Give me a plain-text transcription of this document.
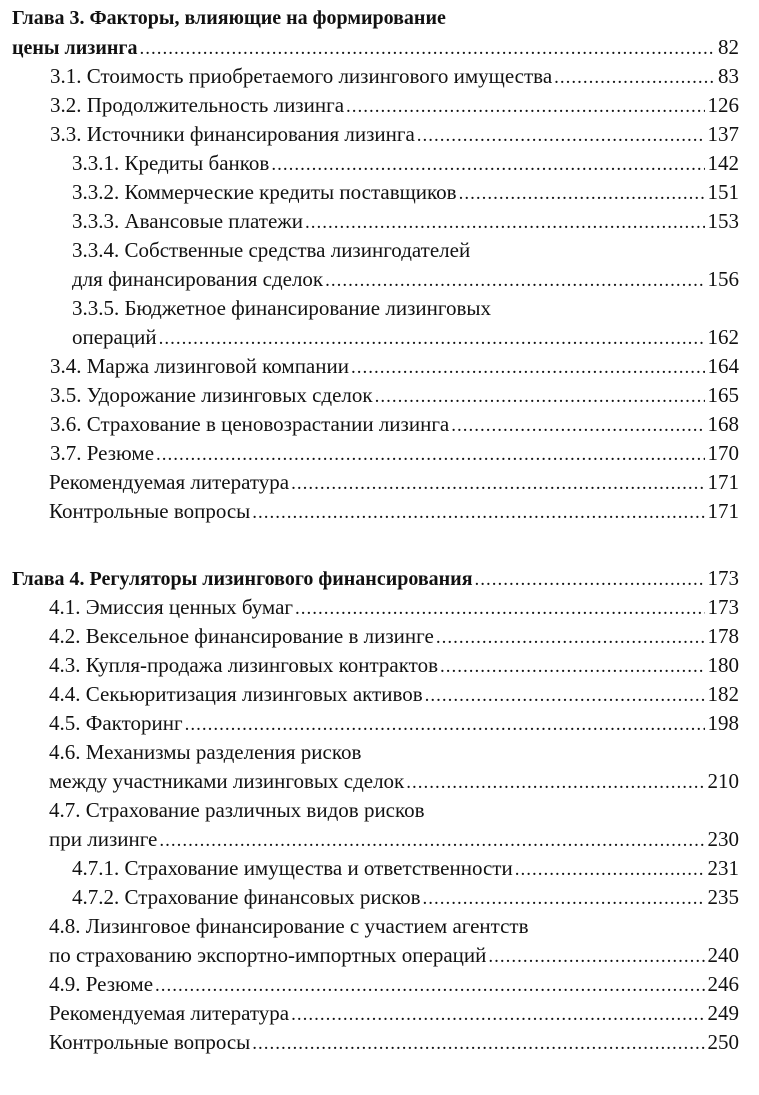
Глава 3. Факторы, влияющие на формирование
цены лизинга .....	82
3.1. Стоимость приобретаемого лизингового имущества .....	83
3.2. Продолжительность лизинга .....	126
3.3. Источники финансирования лизинга .....	137
3.3.1. Кредиты банков .....	142
3.3.2. Коммерческие кредиты поставщиков .....	151
3.3.3. Авансовые платежи .....	153
3.3.4. Собственные средства лизингодателей
для финансирования сделок .....	156
3.3.5. Бюджетное финансирование лизинговых
операций .....	162
3.4. Маржа лизинговой компании .....	164
3.5. Удорожание лизинговых сделок .....	165
3.6. Страхование в ценовозрастании лизинга .....	168
3.7. Резюме .....	170
Рекомендуемая литература .....	171
Контрольные вопросы .....	171
Глава 4. Регуляторы лизингового финансирования .....	173
4.1. Эмиссия ценных бумаг .....	173
4.2. Вексельное финансирование в лизинге .....	178
4.3. Купля-продажа лизинговых контрактов .....	180
4.4. Секьюритизация лизинговых активов .....	182
4.5. Факторинг .....	198
4.6. Механизмы разделения рисков
между участниками лизинговых сделок .....	210
4.7. Страхование различных видов рисков
при лизинге .....	230
4.7.1. Страхование имущества и ответственности .....	231
4.7.2. Страхование финансовых рисков .....	235
4.8. Лизинговое финансирование с участием агентств
по страхованию экспортно-импортных операций .....	240
4.9. Резюме .....	246
Рекомендуемая литература .....	249
Контрольные вопросы .....	250
